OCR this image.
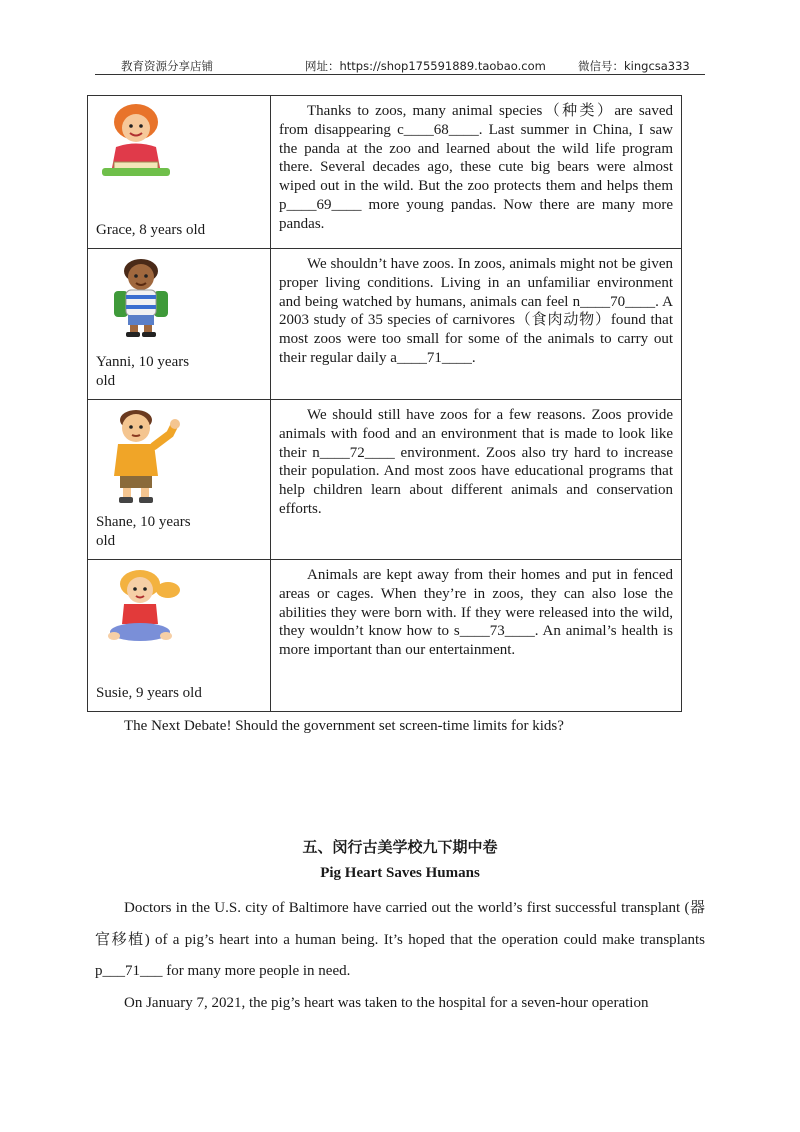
教育资源分享店铺	网址：https://shop175591889.taobao.com	微信号：kingcsa333
Grace, 8 years old	Thanks to zoos, many animal species（种类）are saved from disappearing c____68____. Last summer in China, I saw the panda at the zoo and learned about the wild life program there. Several decades ago, these cute big bears were almost wiped out in the wild. But the zoo protects them and helps them p____69____ more young pandas. Now there are many more pandas.

Yanni, 10 years old	We shouldn’t have zoos. In zoos, animals might not be given proper living conditions. Living in an unfamiliar environment and being watched by humans, animals can feel n____70____. A 2003 study of 35 species of carnivores（食肉动物）found that most zoos were too small for some of the animals to carry out their regular daily a____71____.

Shane, 10 years old	We should still have zoos for a few reasons. Zoos provide animals with food and an environment that is made to look like their n____72____ environment. Zoos also try hard to increase their population. And most zoos have educational programs that help children learn about different animals and conservation efforts.

Susie, 9 years old	Animals are kept away from their homes and put in fenced areas or cages. When they’re in zoos, they can also lose the abilities they were born with. If they were released into the wild, they wouldn’t know how to s____73____. An animal’s health is more important than our entertainment.

The Next Debate! Should the government set screen-time limits for kids?
五、闵行古美学校九下期中卷
Pig Heart Saves Humans

Doctors in the U.S. city of Baltimore have carried out the world’s first successful transplant (器官移植) of a pig’s heart into a human being. It’s hoped that the operation could make transplants p___71___ for many more people in need.

On January 7, 2021, the pig’s heart was taken to the hospital for a seven-hour operation
